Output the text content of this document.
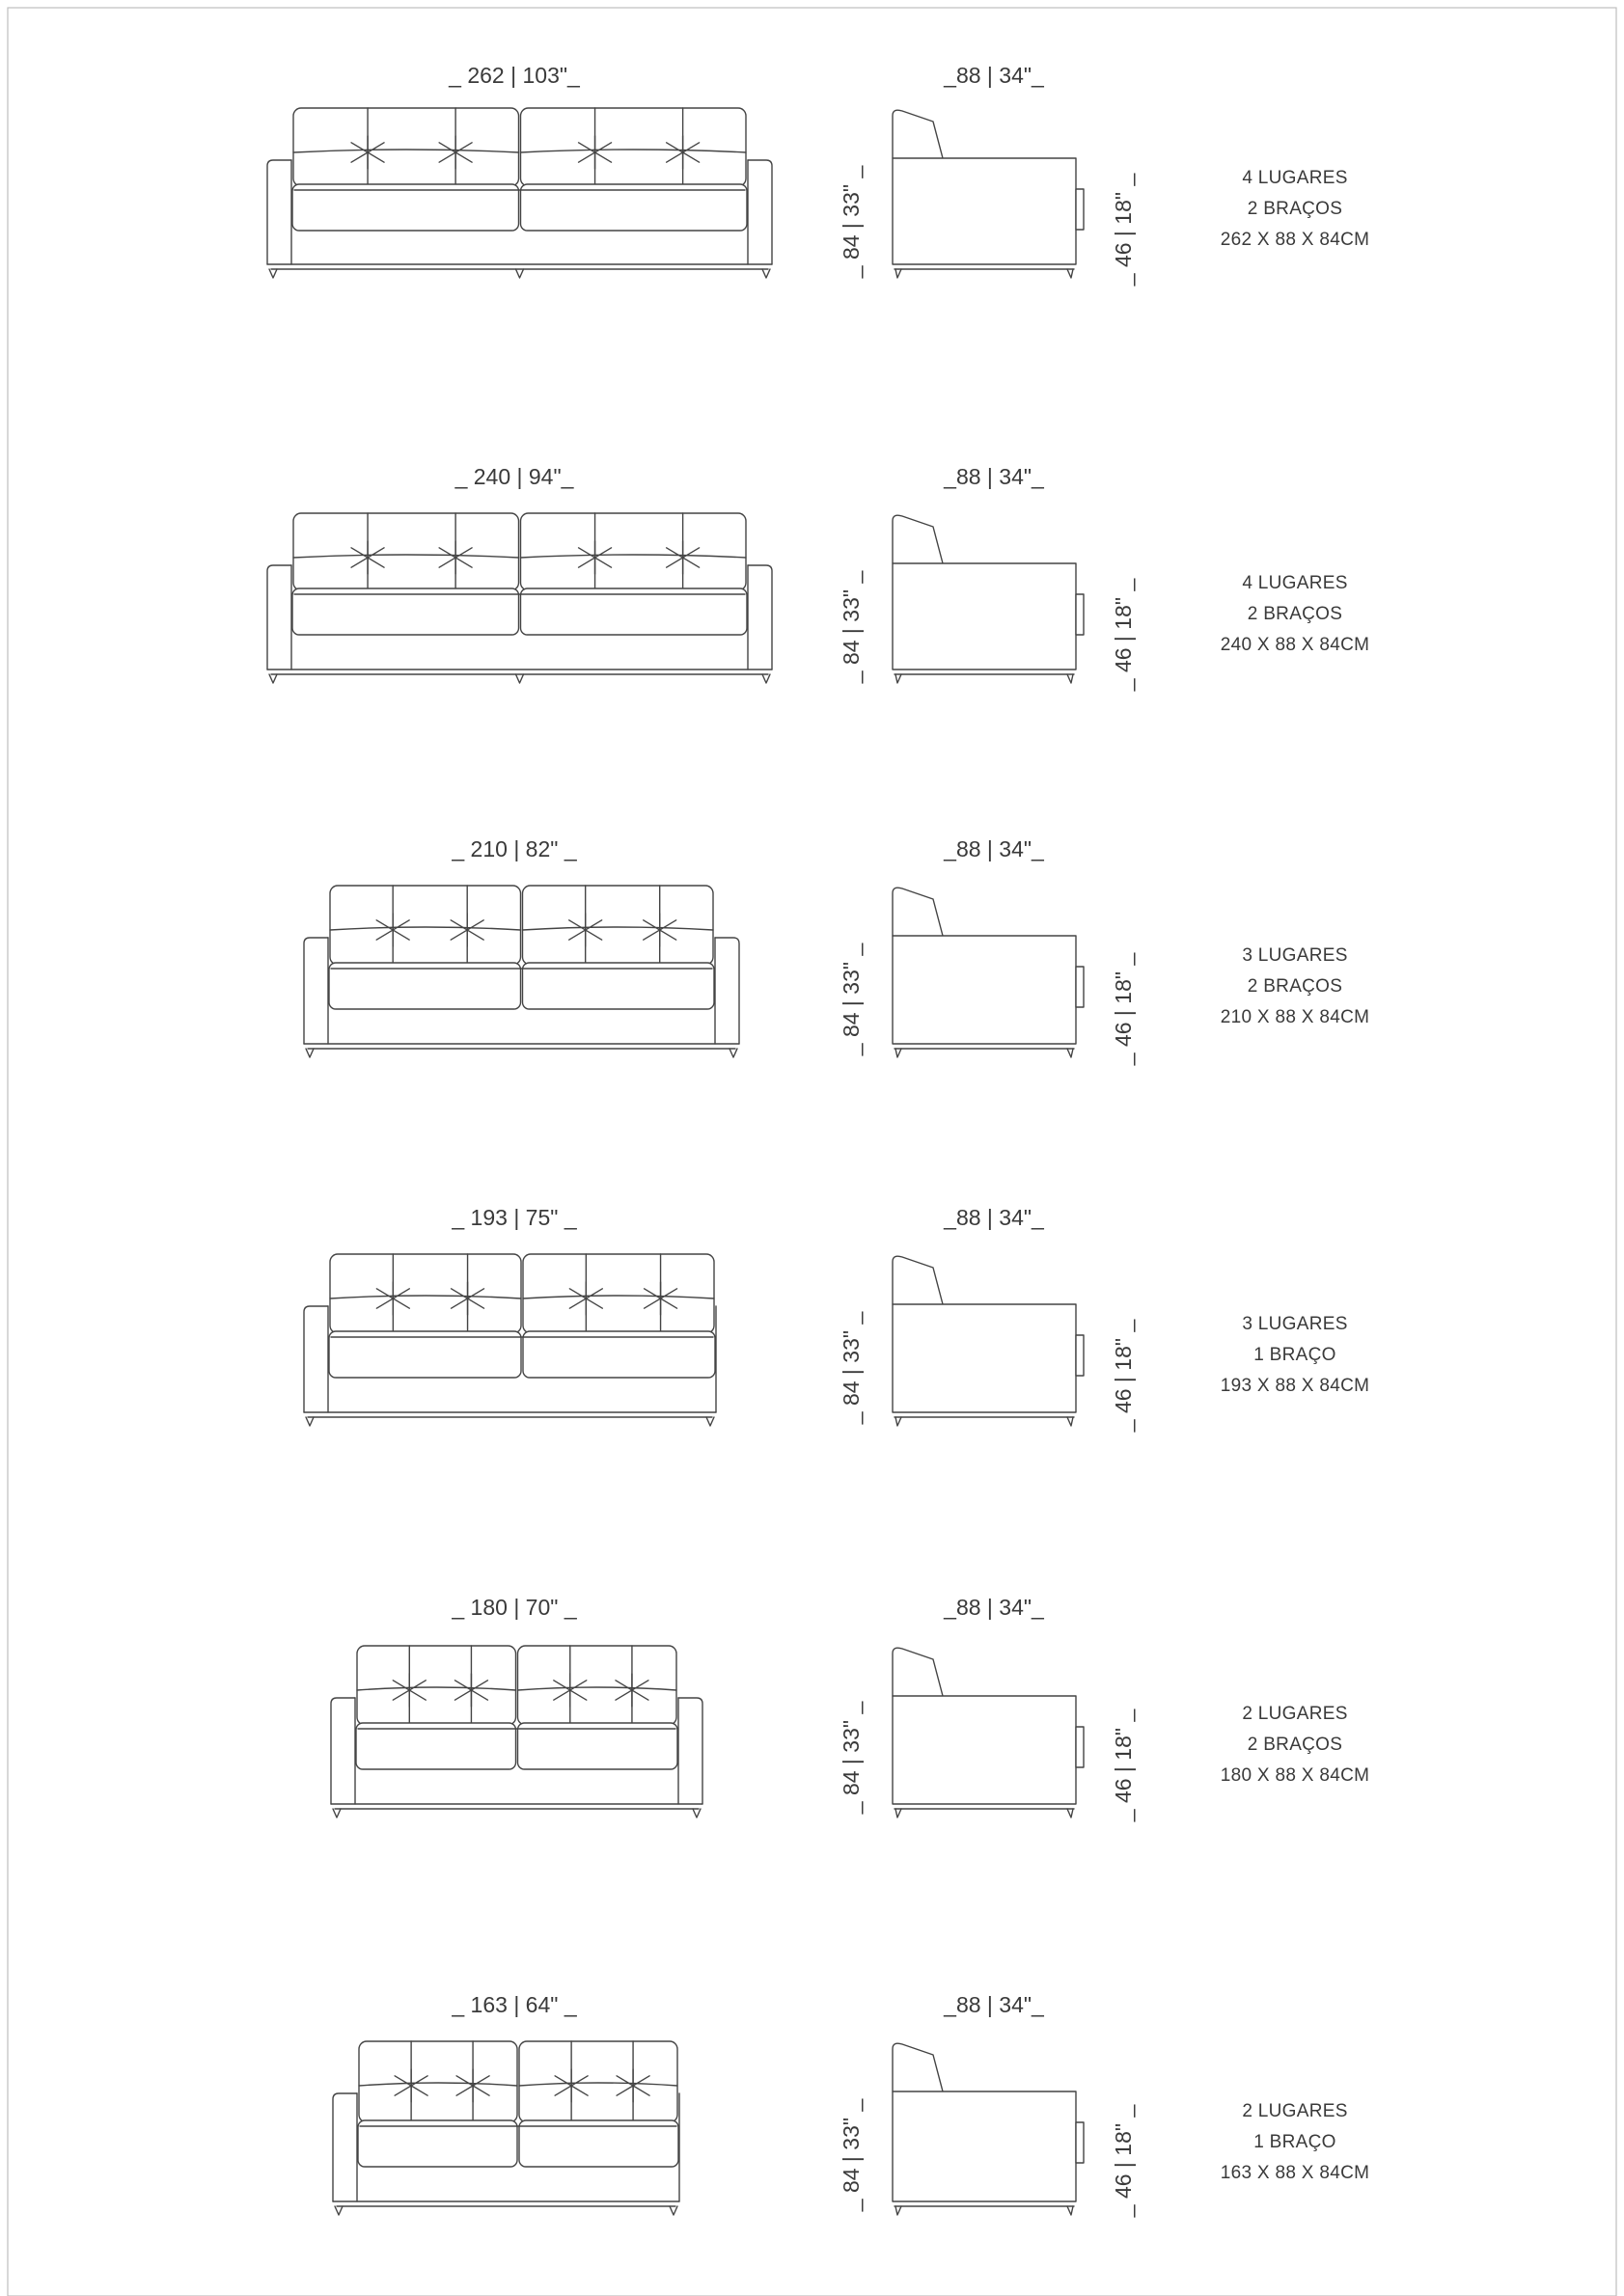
_ 262 | 103"_	_88 | 34"_
_ 84 | 33" _	_ 46 | 18" _	4 LUGARES
2 BRAÇOS
262 X 88 X 84CM
_ 240 | 94"_	_88 | 34"_
_ 84 | 33" _	_ 46 | 18" _	4 LUGARES
2 BRAÇOS
240 X 88 X 84CM
_ 210 | 82" _	_88 | 34"_
_ 84 | 33" _	_ 46 | 18" _	3 LUGARES
2 BRAÇOS
210 X 88 X 84CM
_ 193 | 75" _	_88 | 34"_
_ 84 | 33" _	_ 46 | 18" _	3 LUGARES
1 BRAÇO
193 X 88 X 84CM
_ 180 | 70" _	_88 | 34"_
_ 84 | 33" _	_ 46 | 18" _	2 LUGARES
2 BRAÇOS
180 X 88 X 84CM
_ 163 | 64" _	_88 | 34"_
_ 84 | 33" _	_ 46 | 18" _	2 LUGARES
1 BRAÇO
163 X 88 X 84CM
